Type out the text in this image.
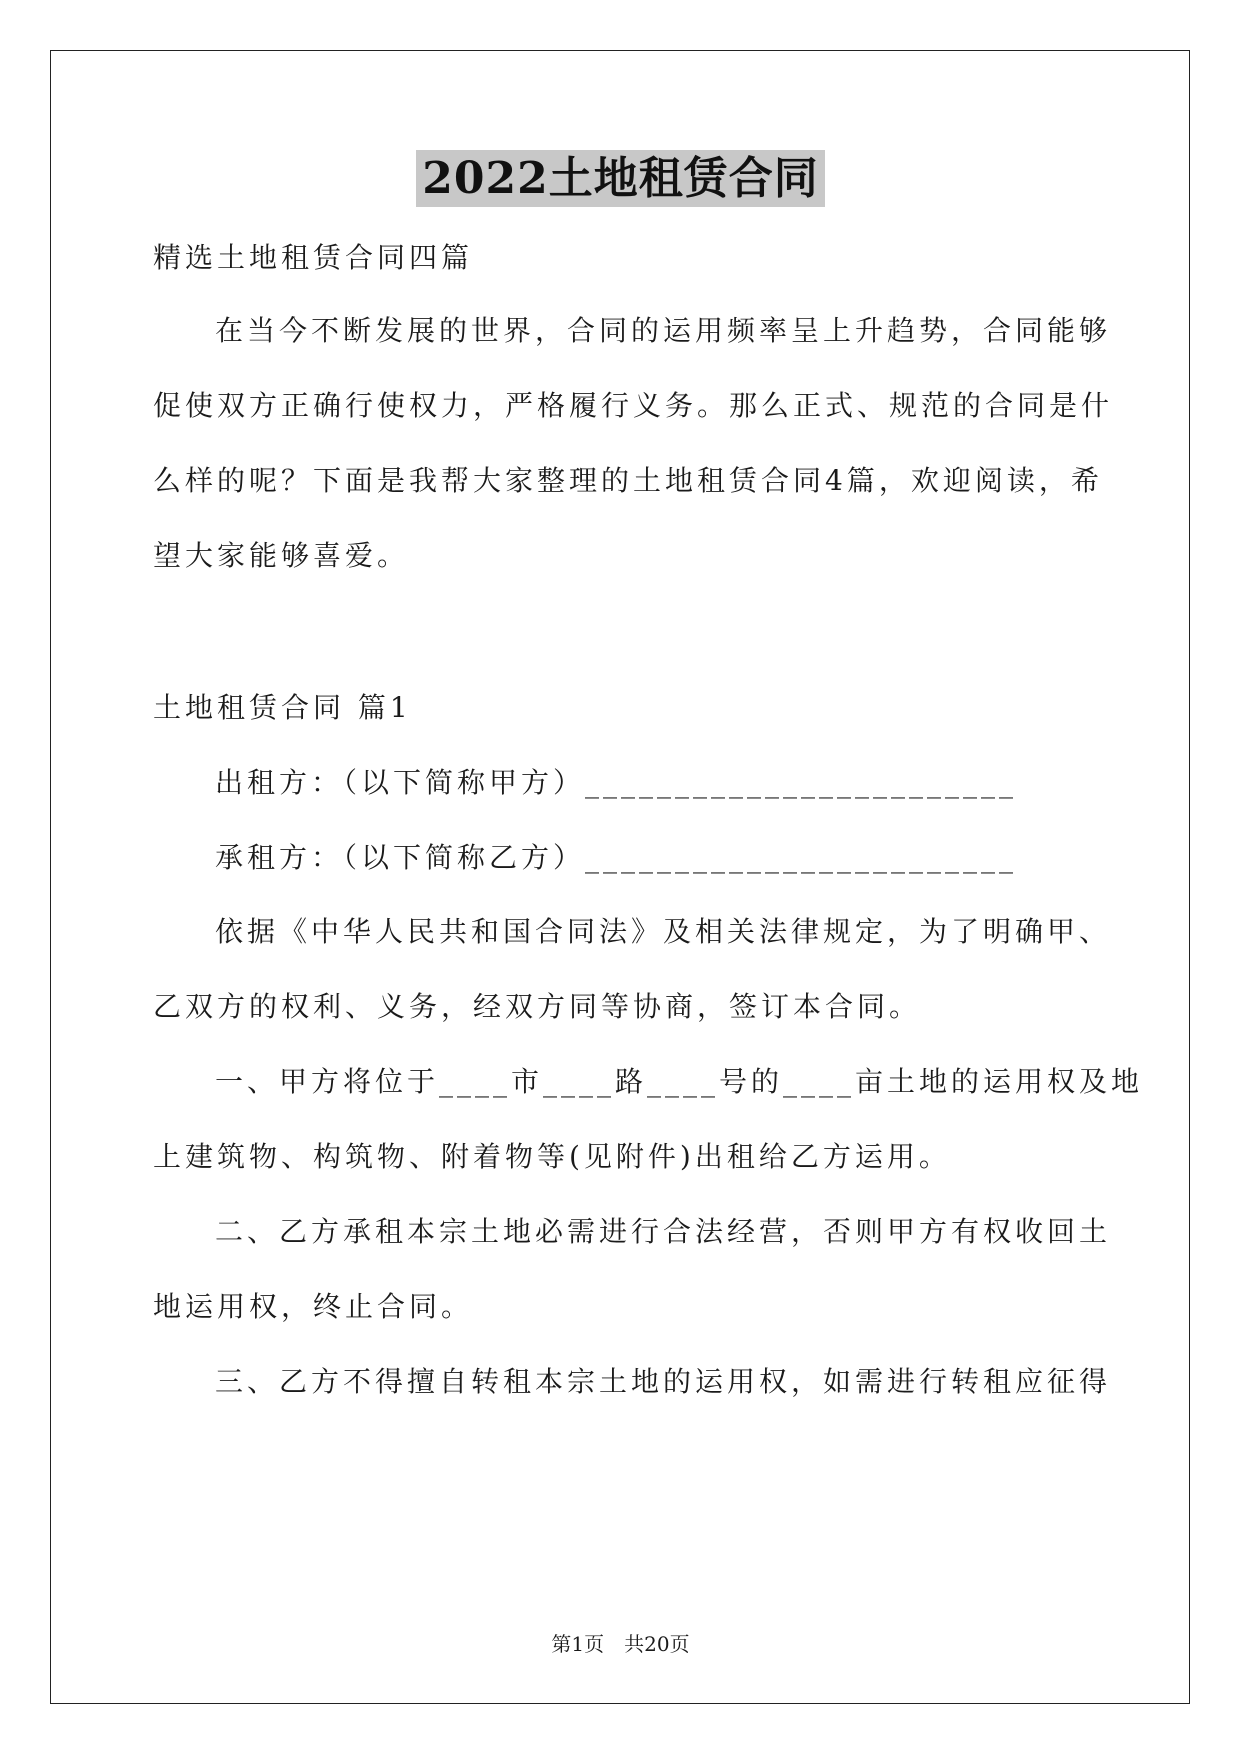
2022土地租赁合同
精选土地租赁合同四篇
在当今不断发展的世界，合同的运用频率呈上升趋势，合同能够
促使双方正确行使权力，严格履行义务。那么正式、规范的合同是什
么样的呢？下面是我帮大家整理的土地租赁合同4篇，欢迎阅读，希
望大家能够喜爱。
土地租赁合同 篇1
出租方：（以下简称甲方）________________________
承租方：（以下简称乙方）________________________
依据《中华人民共和国合同法》及相关法律规定，为了明确甲、
乙双方的权利、义务，经双方同等协商，签订本合同。
一、甲方将位于____市____路____号的____亩土地的运用权及地
上建筑物、构筑物、附着物等(见附件)出租给乙方运用。
二、乙方承租本宗土地必需进行合法经营，否则甲方有权收回土
地运用权，终止合同。
三、乙方不得擅自转租本宗土地的运用权，如需进行转租应征得
第1页　共20页
